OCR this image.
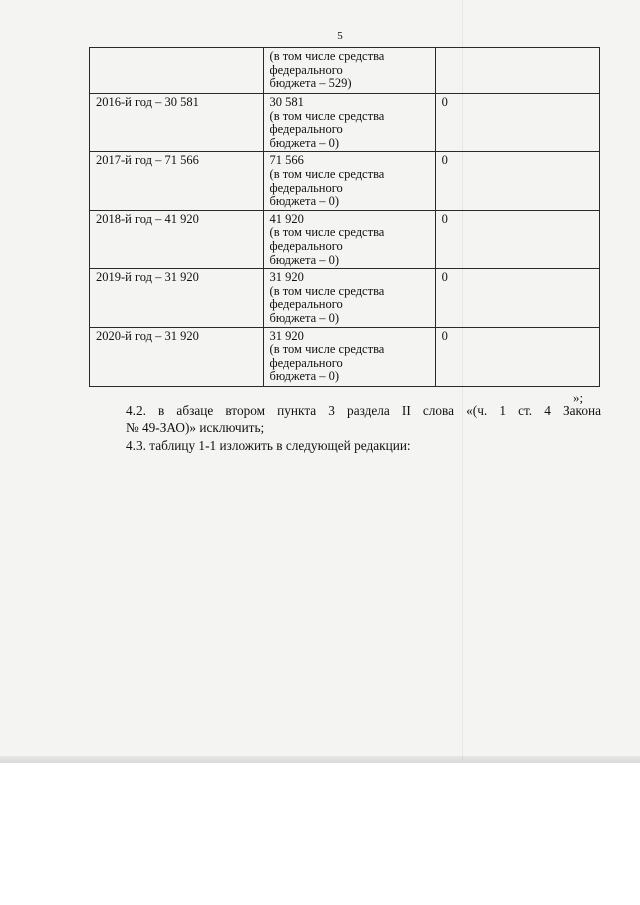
5

	(в том числе средства
федерального
бюджета – 529)	

2016-й год – 30 581	30 581
(в том числе средства
федерального
бюджета – 0)	0
2017-й год – 71 566	71 566
(в том числе средства
федерального
бюджета – 0)	0
2018-й год – 41 920	41 920
(в том числе средства
федерального
бюджета – 0)	0
2019-й год – 31 920	31 920
(в том числе средства
федерального
бюджета – 0)	0
2020-й год – 31 920	31 920
(в том числе средства
федерального
бюджета – 0)	0
»;
4.2. в абзаце втором пункта 3 раздела II слова «(ч. 1 ст. 4 Закона
№ 49-ЗАО)» исключить;
4.3. таблицу 1-1 изложить в следующей редакции:
